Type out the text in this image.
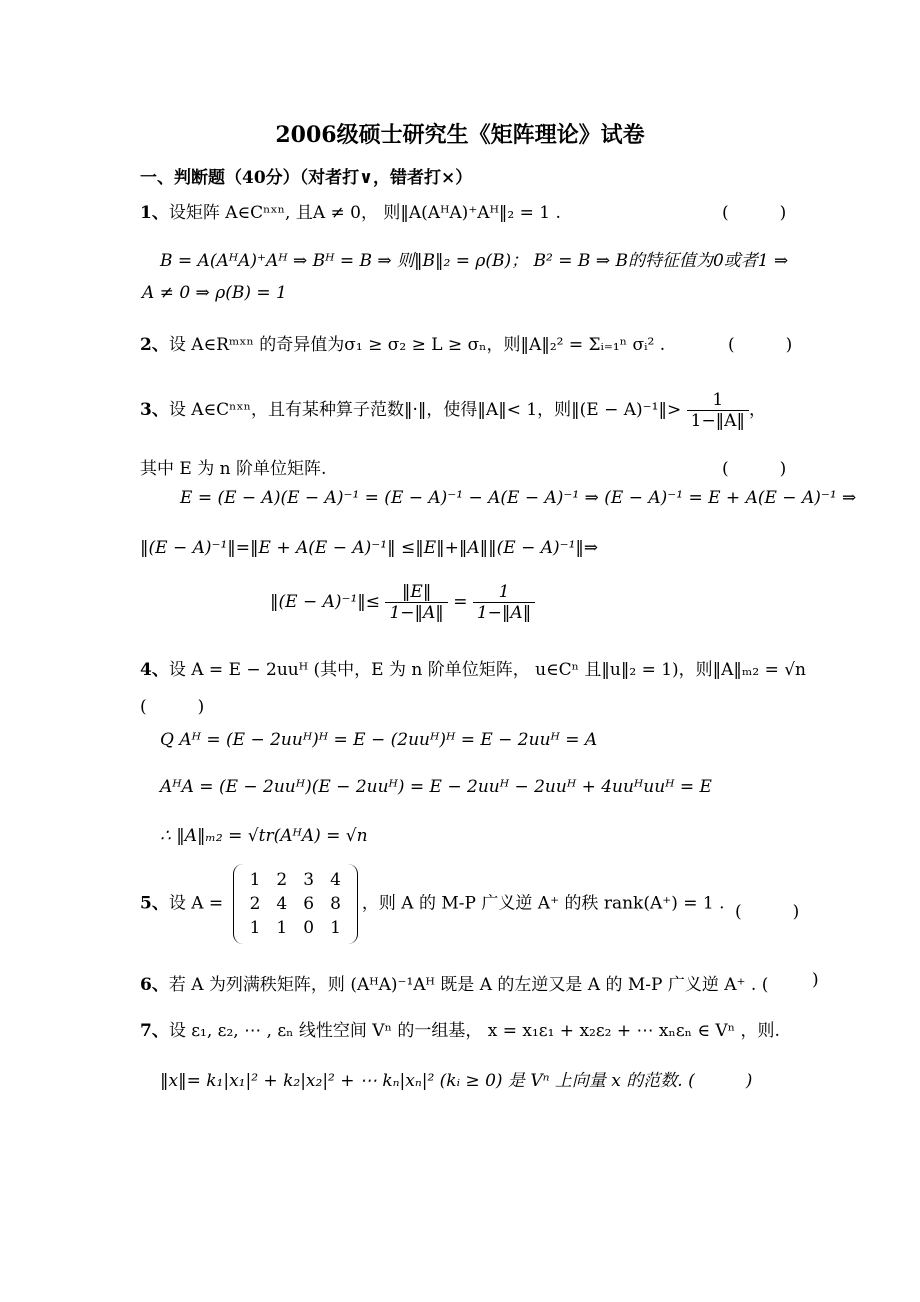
2006级硕士研究生《矩阵理论》试卷
一、判断题（40分）（对者打∨，错者打×）
1、设矩阵 A∈Cⁿˣⁿ, 且A ≠ 0， 则‖A(AᴴA)⁺Aᴴ‖₂ = 1 .	(　　　)
B = A(AᴴA)⁺Aᴴ ⇒ Bᴴ = B ⇒ 则‖B‖₂ = ρ(B)； B² = B ⇒ B的特征值为0或者1 ⇒
A ≠ 0 ⇒ ρ(B) = 1
2、设 A∈Rᵐˣⁿ 的奇异值为σ₁ ≥ σ₂ ≥ L ≥ σₙ，则‖A‖₂² = Σᵢ₌₁ⁿ σᵢ² .	(　　　)
3、设 A∈Cⁿˣⁿ，且有某种算子范数‖·‖，使得‖A‖< 1，则‖(E − A)⁻¹‖> $\frac{1}{1-‖A‖}$ ，
其中 E 为 n 阶单位矩阵.	(　　　)
E = (E − A)(E − A)⁻¹ = (E − A)⁻¹ − A(E − A)⁻¹ ⇒ (E − A)⁻¹ = E + A(E − A)⁻¹ ⇒
‖(E − A)⁻¹‖=‖E + A(E − A)⁻¹‖ ≤‖E‖+‖A‖‖(E − A)⁻¹‖⇒
‖(E − A)⁻¹‖≤ $\frac{‖E‖}{1-‖A‖} = \frac{1}{1-‖A‖}$
4、设 A = E − 2uuᴴ (其中，E 为 n 阶单位矩阵， u∈Cⁿ 且‖u‖₂ = 1)，则‖A‖ₘ₂ = √n
(　　　)
Q Aᴴ = (E − 2uuᴴ)ᴴ = E − (2uuᴴ)ᴴ = E − 2uuᴴ = A
AᴴA = (E − 2uuᴴ)(E − 2uuᴴ) = E − 2uuᴴ − 2uuᴴ + 4uuᴴuuᴴ = E
∴ ‖A‖ₘ₂ = √tr(AᴴA) = √n
5、设 A =
1	2	3	4
2	4	6	8
1	1	0	1
，则 A 的 M-P 广义逆 A⁺ 的秩 rank(A⁺) = 1 . (　　　)
6、若 A 为列满秩矩阵，则 (AᴴA)⁻¹Aᴴ 既是 A 的左逆又是 A 的 M-P 广义逆 A⁺ . (	)
7、设 ε₁, ε₂, ⋯ , εₙ 线性空间 Vⁿ 的一组基， x = x₁ε₁ + x₂ε₂ + ⋯ xₙεₙ ∈ Vⁿ ，则.
‖x‖= k₁|x₁|² + k₂|x₂|² + ⋯ kₙ|xₙ|² (kᵢ ≥ 0) 是 Vⁿ 上向量 x 的范数. (　　　)
